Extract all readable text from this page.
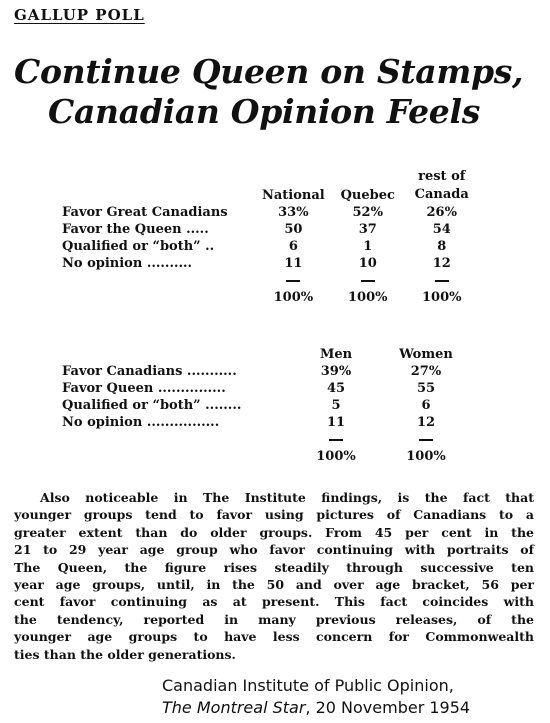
GALLUP POLL
Continue Queen on Stamps,
Canadian Opinion Feels
	National	Quebec	rest of Canada
Favor Great Canadians	33%	52%	26%
Favor the Queen .....	50	37	54
Qualified or “both” ..	6	1	8
No opinion ..........	11	10	12

	100%	100%	100%
	Men	Women
Favor Canadians ...........	39%	27%
Favor Queen ...............	45	55
Qualified or “both” ........	5	6
No opinion ................	11	12

	100%	100%
Also noticeable in The Institute findings, is the fact that
younger groups tend to favor using pictures of Canadians to a
greater extent than do older groups. From 45 per cent in the
21 to 29 year age group who favor continuing with portraits of
The Queen, the figure rises steadily through successive ten
year age groups, until, in the 50 and over age bracket, 56 per
cent favor continuing as at present. This fact coincides with
the tendency, reported in many previous releases, of the
younger age groups to have less concern for Commonwealth
ties than the older generations.
Canadian Institute of Public Opinion,
The Montreal Star, 20 November 1954
